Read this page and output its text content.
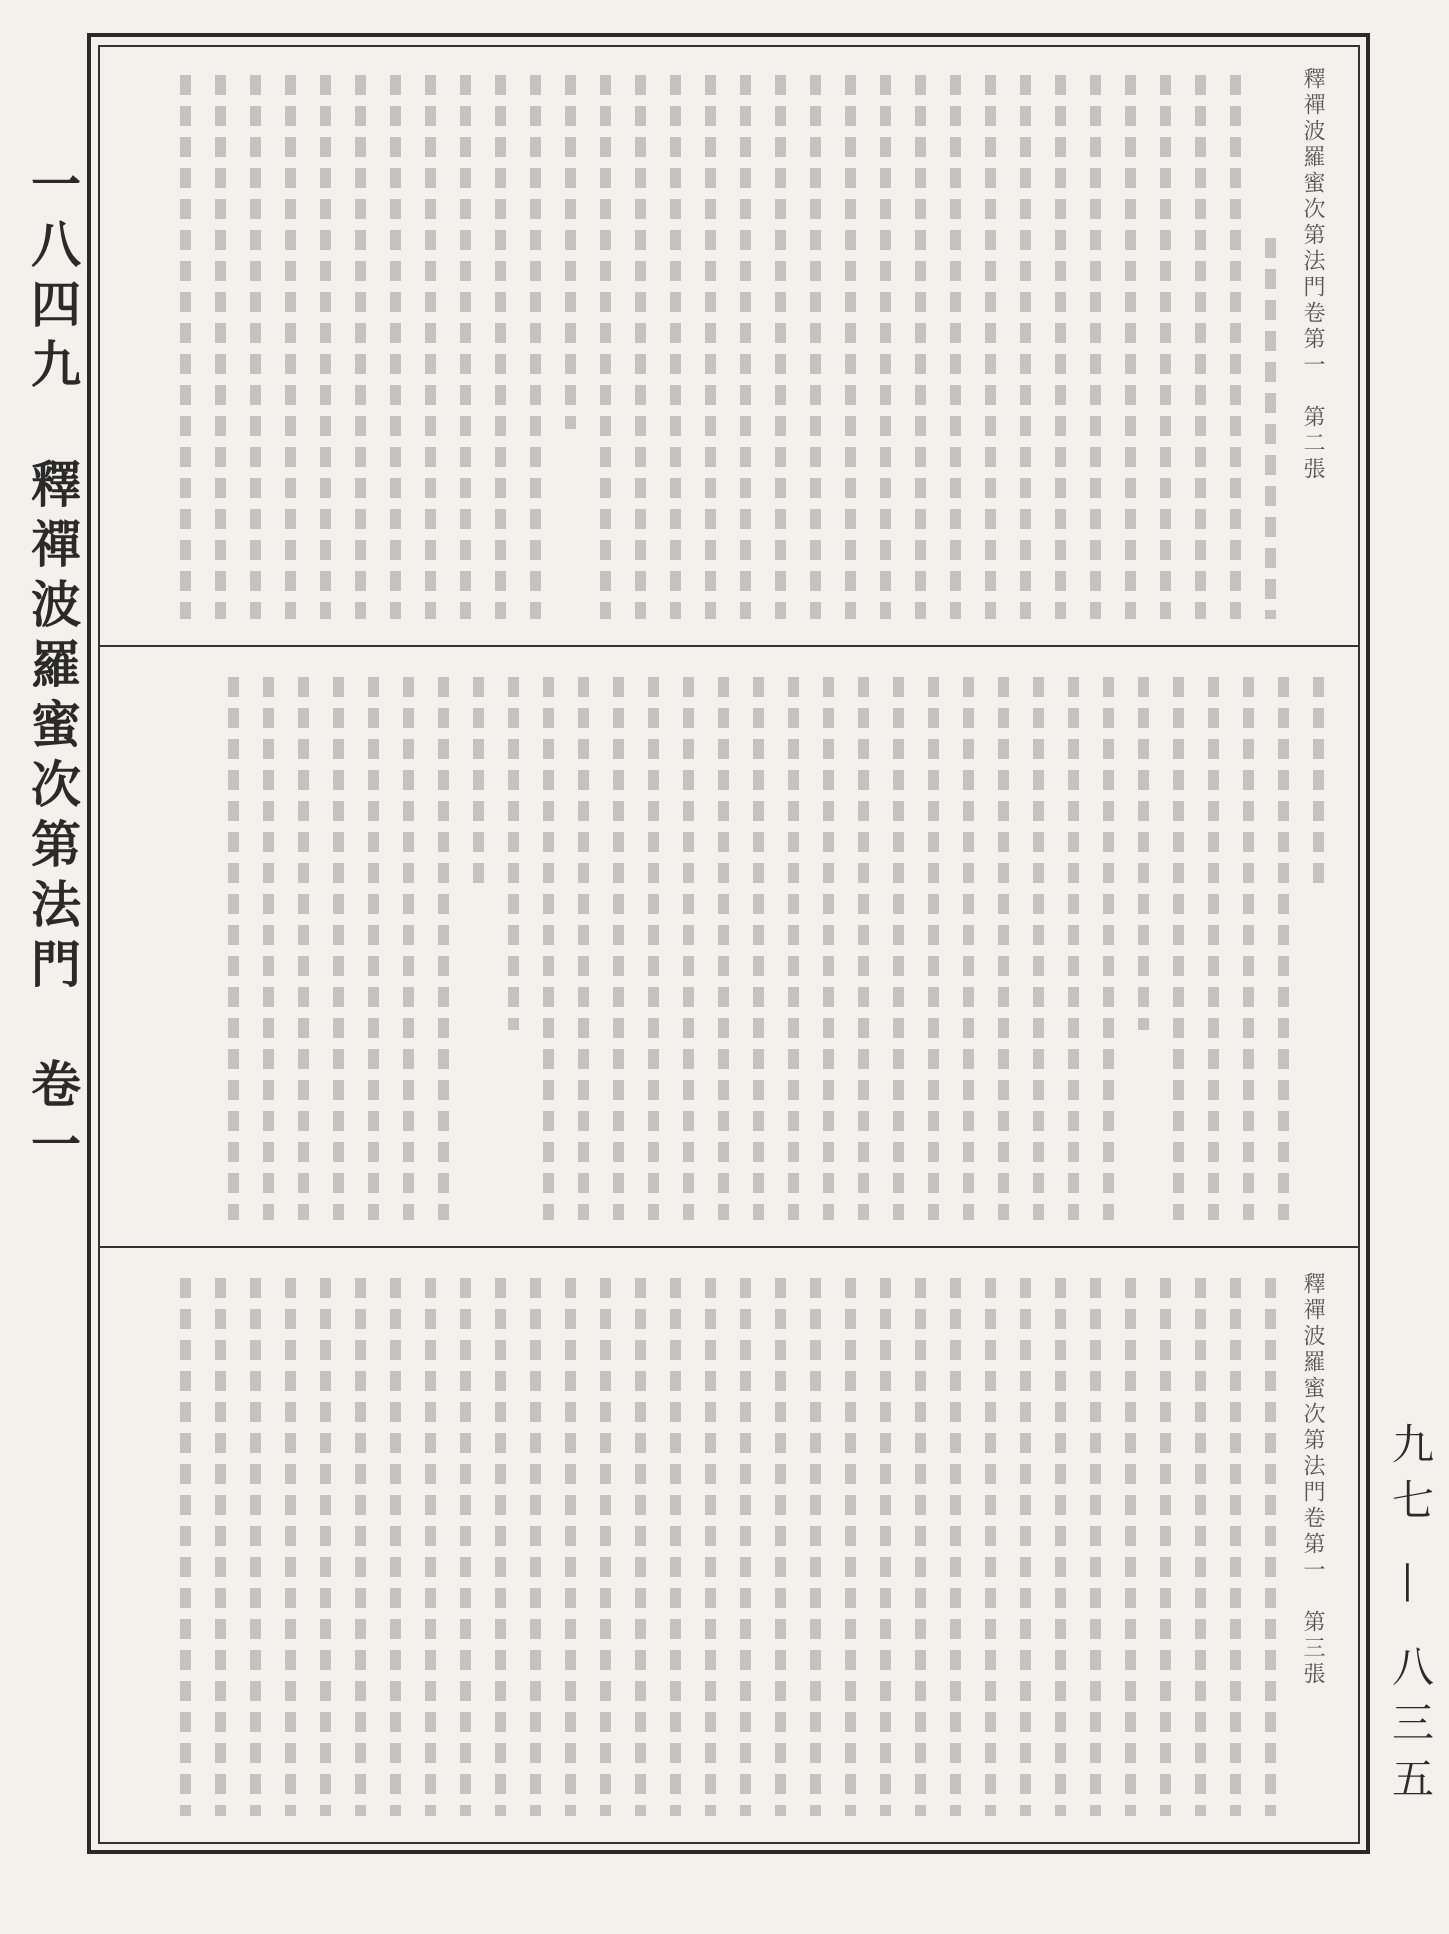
一八四九　釋禪波羅蜜次第法門　卷一
九七 — 八三五
釋禪波羅蜜次第法門卷第一　第二張
釋禪波羅蜜次第法門卷第一　第三張
